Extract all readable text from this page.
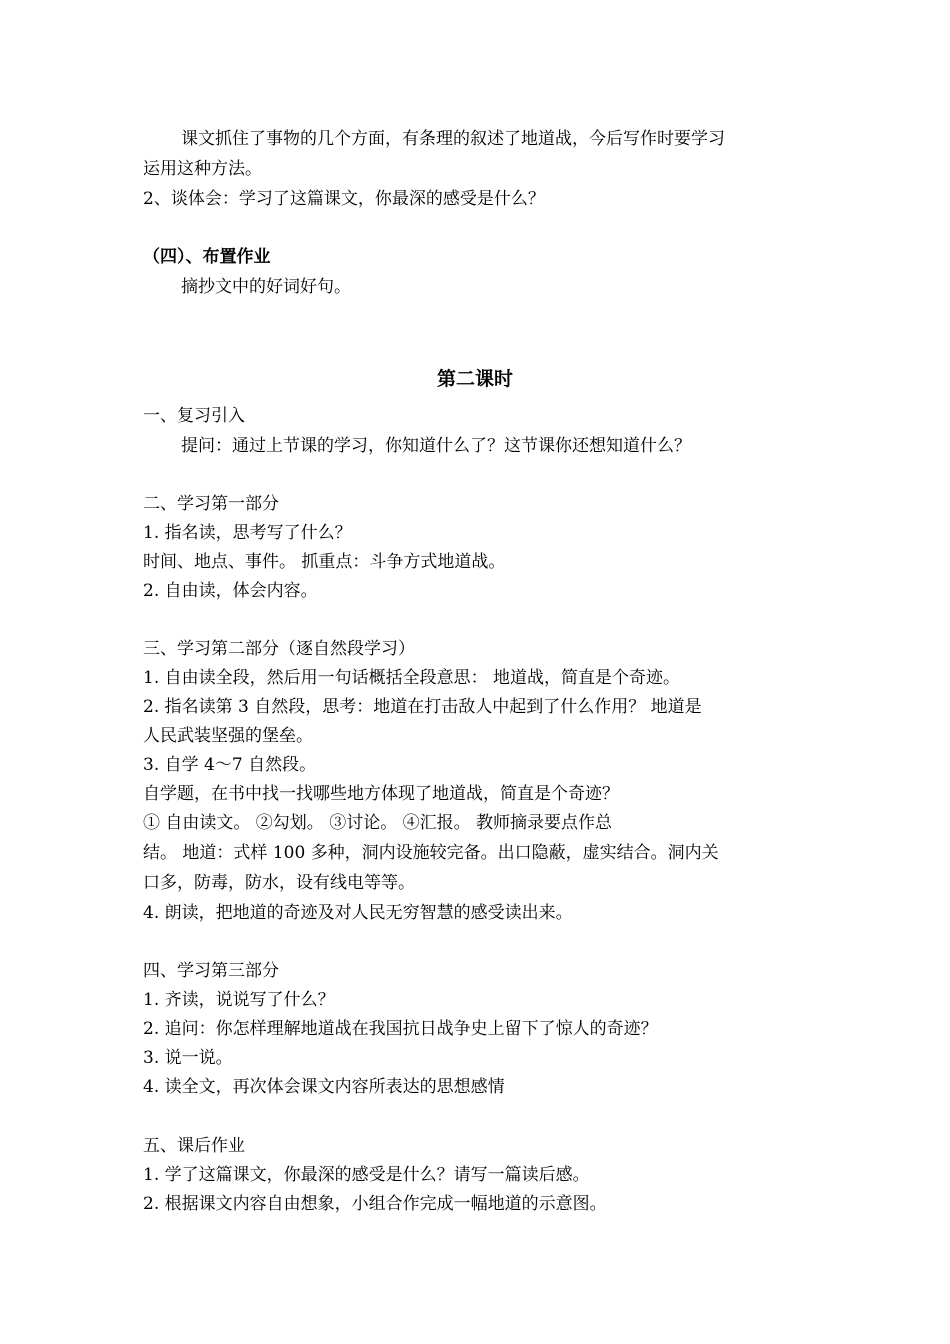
课文抓住了事物的几个方面，有条理的叙述了地道战，今后写作时要学习
运用这种方法。
2、谈体会：学习了这篇课文，你最深的感受是什么？
（四）、布置作业
摘抄文中的好词好句。
第二课时
一、复习引入
提问：通过上节课的学习，你知道什么了？这节课你还想知道什么？
二、学习第一部分
1. 指名读，思考写了什么？
时间、地点、事件。 抓重点：斗争方式地道战。
2. 自由读，体会内容。
三、学习第二部分（逐自然段学习）
1. 自由读全段，然后用一句话概括全段意思： 地道战，简直是个奇迹。
2. 指名读第 3 自然段，思考：地道在打击敌人中起到了什么作用？ 地道是
人民武装坚强的堡垒。
3. 自学 4～7 自然段。
自学题，在书中找一找哪些地方体现了地道战，简直是个奇迹？
① 自由读文。 ②勾划。 ③讨论。 ④汇报。 教师摘录要点作总
结。 地道：式样 100 多种，洞内设施较完备。出口隐蔽，虚实结合。洞内关
口多，防毒，防水，设有线电等等。
4. 朗读，把地道的奇迹及对人民无穷智慧的感受读出来。
四、学习第三部分
1. 齐读，说说写了什么？
2. 追问：你怎样理解地道战在我国抗日战争史上留下了惊人的奇迹？
3. 说一说。
4. 读全文，再次体会课文内容所表达的思想感情
五、课后作业
1. 学了这篇课文，你最深的感受是什么？请写一篇读后感。
2. 根据课文内容自由想象，小组合作完成一幅地道的示意图。
